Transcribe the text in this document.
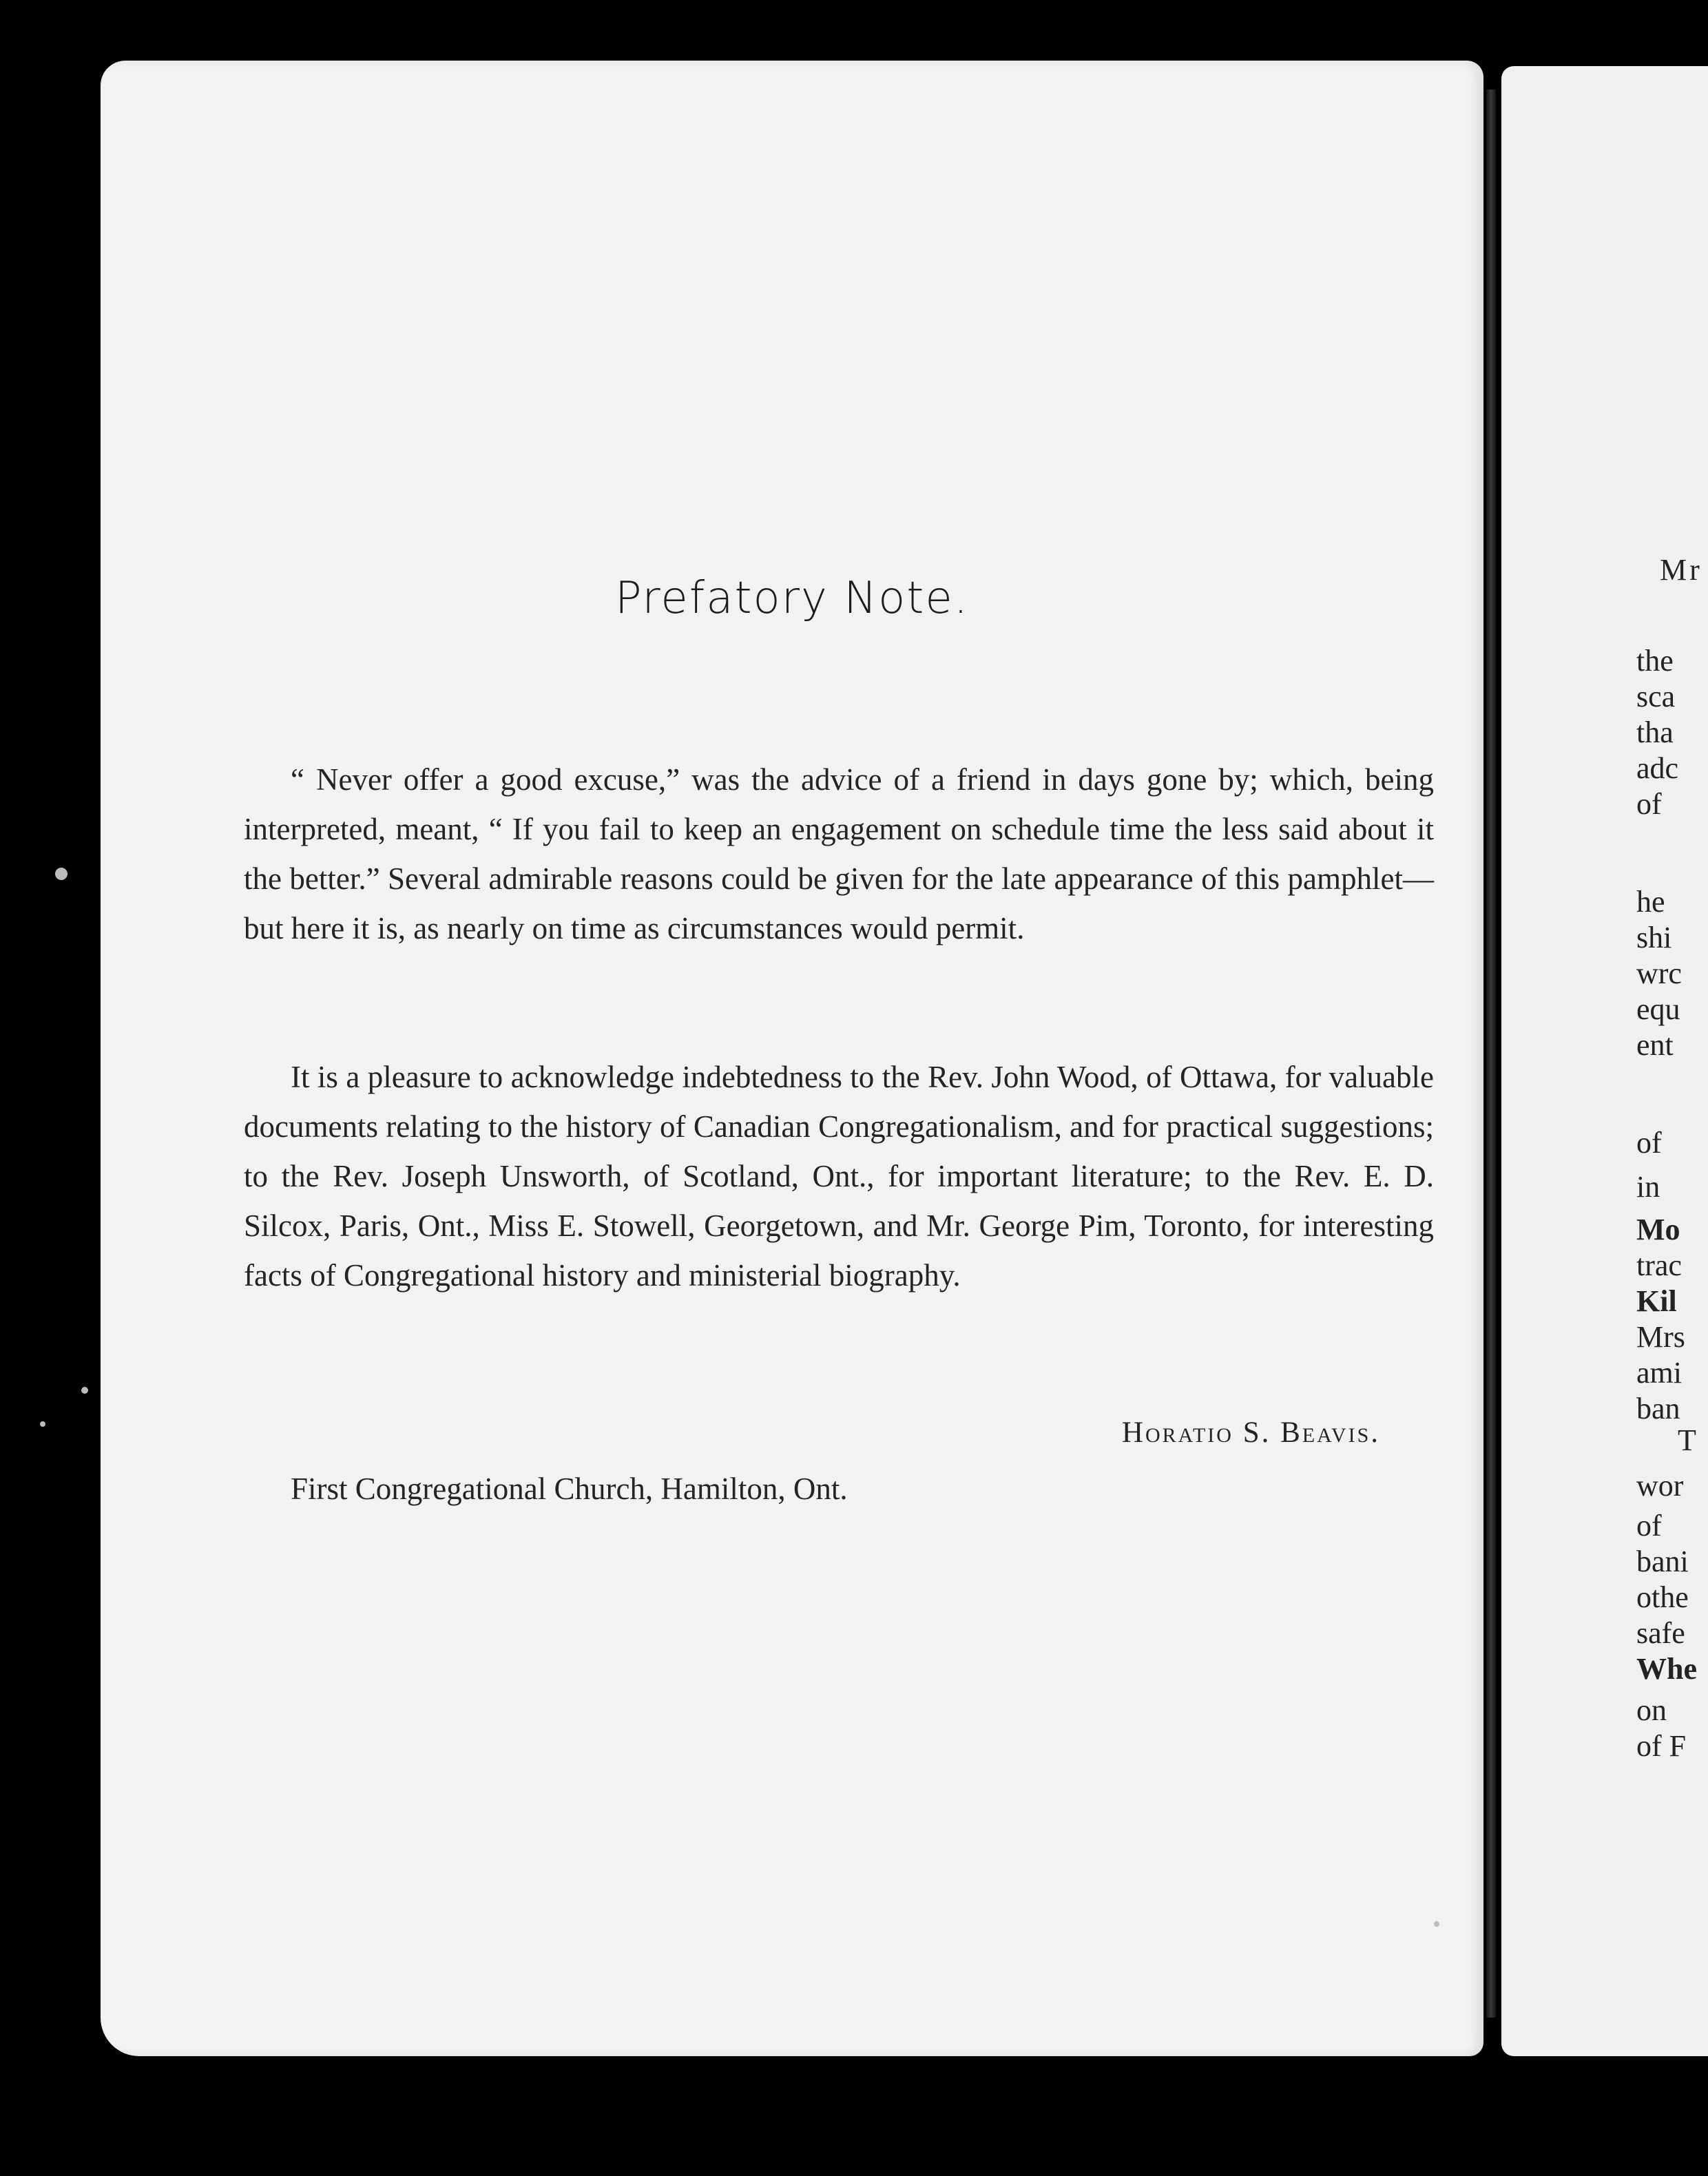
Prefatory Note.

“ Never offer a good excuse,” was the advice of a friend in days gone by; which, being interpreted, meant, “ If you fail to keep an engagement on schedule time the less said about it the better.” Several admirable reasons could be given for the late appearance of this pamphlet—but here it is, as nearly on time as circumstances would permit.

It is a pleasure to acknowledge indebtedness to the Rev. John Wood, of Ottawa, for valuable documents relating to the history of Canadian Congregationalism, and for practical suggestions; to the Rev. Joseph Unsworth, of Scotland, Ont., for important literature; to the Rev. E. D. Silcox, Paris, Ont., Miss E. Stowell, Georgetown, and Mr. George Pim, Toronto, for interesting facts of Congregational history and ministerial biography.

Horatio S. Beavis.
First Congregational Church, Hamilton, Ont.
Mr
the
sca
tha
adc
of
he
shi
wrc
equ
ent
of
in
Mo
trac
Kil
Mrs
ami
ban
T
wor
of
bani
othe
safe
Whe
on
of F
